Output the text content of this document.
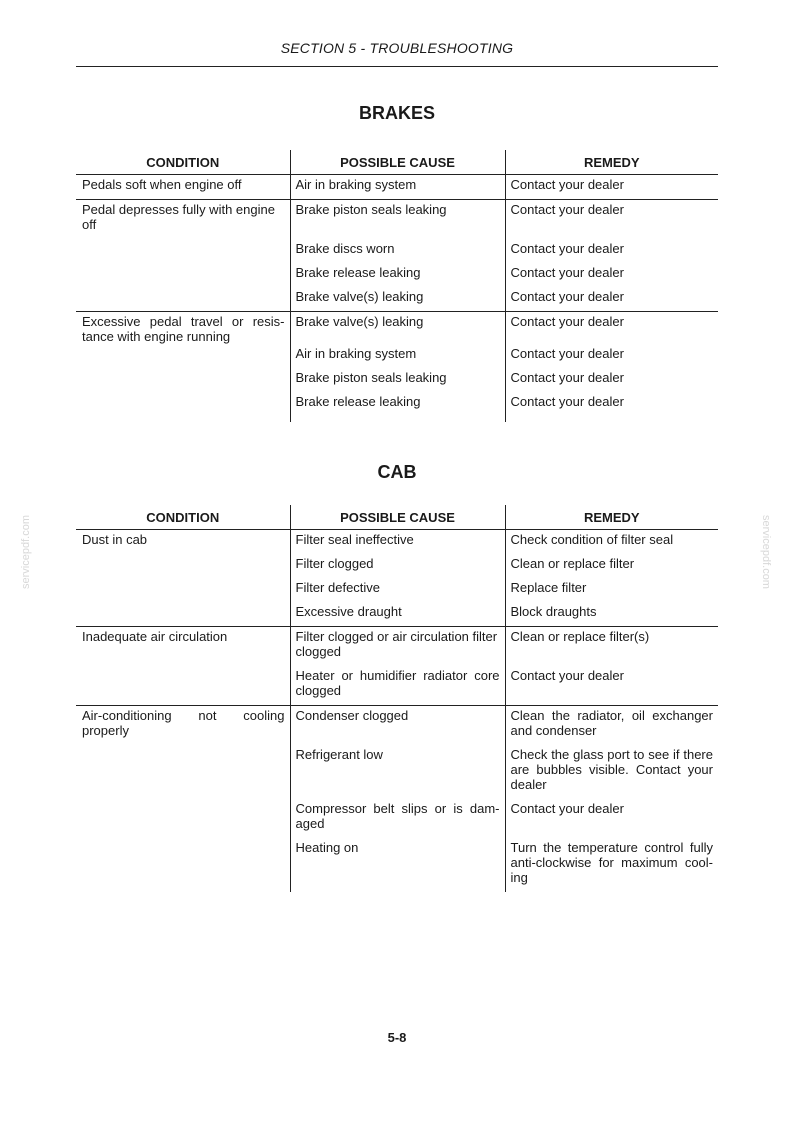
SECTION 5 - TROUBLESHOOTING
servicepdf.com	servicepdf.com
BRAKES
CONDITION	POSSIBLE CAUSE	REMEDY
Pedals soft when engine off	Air in braking system	Contact your dealer
Pedal depresses fully with engine off	Brake piston seals leaking	Contact your dealer
	Brake discs worn	Contact your dealer
	Brake release leaking	Contact your dealer
	Brake valve(s) leaking	Contact your dealer
Excessive pedal travel or resis- tance with engine running	Brake valve(s) leaking	Contact your dealer
	Air in braking system	Contact your dealer
	Brake piston seals leaking	Contact your dealer
	Brake release leaking	Contact your dealer
CAB
CONDITION	POSSIBLE CAUSE	REMEDY
Dust in cab	Filter seal ineffective	Check condition of filter seal
	Filter clogged	Clean or replace filter
	Filter defective	Replace filter
	Excessive draught	Block draughts
Inadequate air circulation	Filter clogged or air circulation filter clogged	Clean or replace filter(s)
	Heater or humidifier radiator core clogged	Contact your dealer
Air-conditioning not cooling properly	Condenser clogged	Clean the radiator, oil exchanger and condenser
	Refrigerant low	Check the glass port to see if there are bubbles visible. Contact your dealer
	Compressor belt slips or is dam- aged	Contact your dealer
	Heating on	Turn the temperature control fully anti-clockwise for maximum cool- ing
5-8
